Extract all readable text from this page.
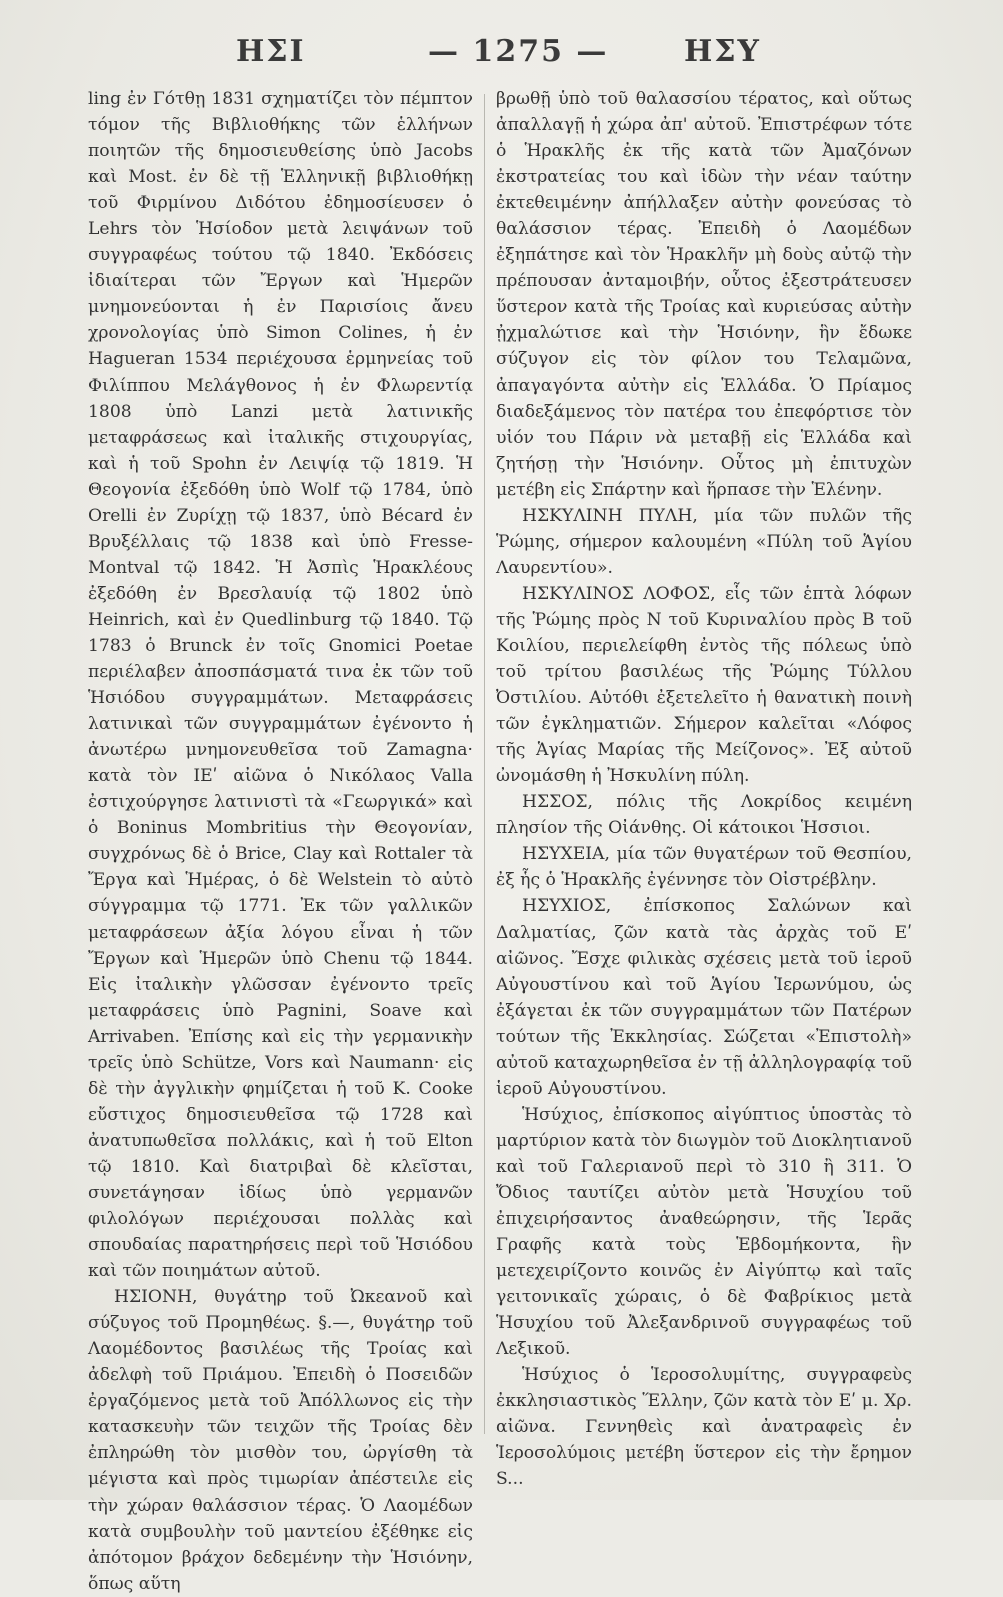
ΗΣΙ	— 1275 —	ΗΣΥ

ling ἐν Γότθῃ 1831 σχηματίζει τὸν πέμπτον τόμον τῆς Βιβλιοθήκης τῶν ἑλλήνων ποιητῶν τῆς δημοσιευθείσης ὑπὸ Jacobs καὶ Most. ἐν δὲ τῇ Ἑλληνικῇ βιβλιοθήκῃ τοῦ Φιρμίνου Διδότου ἐδημοσίευσεν ὁ Lehrs τὸν Ἡσίοδον μετὰ λειψάνων τοῦ συγγραφέως τούτου τῷ 1840. Ἐκδόσεις ἰδιαίτεραι τῶν Ἔργων καὶ Ἡμερῶν μνημονεύονται ἡ ἐν Παρισίοις ἄνευ χρονολογίας ὑπὸ Simon Colines, ἡ ἐν Hagueran 1534 περιέχουσα ἑρμηνείας τοῦ Φιλίππου Μελάγθονος ἡ ἐν Φλωρεντίᾳ 1808 ὑπὸ Lanzi μετὰ λατινικῆς μεταφράσεως καὶ ἰταλικῆς στιχουργίας, καὶ ἡ τοῦ Spohn ἐν Λειψίᾳ τῷ 1819. Ἡ Θεογονία ἐξεδόθη ὑπὸ Wolf τῷ 1784, ὑπὸ Orelli ἐν Ζυρίχῃ τῷ 1837, ὑπὸ Bécard ἐν Βρυξέλλαις τῷ 1838 καὶ ὑπὸ Fresse-Montval τῷ 1842. Ἡ Ἀσπὶς Ἡρακλέους ἐξεδόθη ἐν Βρεσλαυίᾳ τῷ 1802 ὑπὸ Heinrich, καὶ ἐν Quedlinburg τῷ 1840. Τῷ 1783 ὁ Brunck ἐν τοῖς Gnomici Poetae περιέλαβεν ἀποσπάσματά τινα ἐκ τῶν τοῦ Ἡσιόδου συγγραμμάτων. Μεταφράσεις λατινικαὶ τῶν συγγραμμάτων ἐγένοντο ἡ ἀνωτέρω μνημονευθεῖσα τοῦ Zamagna· κατὰ τὸν ΙΕʹ αἰῶνα ὁ Νικόλαος Valla ἐστιχούργησε λατινιστὶ τὰ «Γεωργικά» καὶ ὁ Boninus Mombritius τὴν Θεογονίαν, συγχρόνως δὲ ὁ Brice, Clay καὶ Rottaler τὰ Ἔργα καὶ Ἡμέρας, ὁ δὲ Welstein τὸ αὐτὸ σύγγραμμα τῷ 1771. Ἐκ τῶν γαλλικῶν μεταφράσεων ἀξία λόγου εἶναι ἡ τῶν Ἔργων καὶ Ἡμερῶν ὑπὸ Chenu τῷ 1844. Εἰς ἰταλικὴν γλῶσσαν ἐγένοντο τρεῖς μεταφράσεις ὑπὸ Pagnini, Soave καὶ Arrivaben. Ἐπίσης καὶ εἰς τὴν γερμανικὴν τρεῖς ὑπὸ Schütze, Vors καὶ Naumann· εἰς δὲ τὴν ἀγγλικὴν φημίζεται ἡ τοῦ K. Cooke εὔστιχος δημοσιευθεῖσα τῷ 1728 καὶ ἀνατυπωθεῖσα πολλάκις, καὶ ἡ τοῦ Elton τῷ 1810. Καὶ διατριβαὶ δὲ κλεῖσται, συνετάγησαν ἰδίως ὑπὸ γερμανῶν φιλολόγων περιέχουσαι πολλὰς καὶ σπουδαίας παρατηρήσεις περὶ τοῦ Ἡσιόδου καὶ τῶν ποιημάτων αὐτοῦ.

ΗΣΙΟΝΗ, θυγάτηρ τοῦ Ὠκεανοῦ καὶ σύζυγος τοῦ Προμηθέως. §.—, θυγάτηρ τοῦ Λαομέδοντος βασιλέως τῆς Τροίας καὶ ἀδελφὴ τοῦ Πριάμου. Ἐπειδὴ ὁ Ποσειδῶν ἐργαζόμενος μετὰ τοῦ Ἀπόλλωνος εἰς τὴν κατασκευὴν τῶν τειχῶν τῆς Τροίας δὲν ἐπληρώθη τὸν μισθὸν του, ὠργίσθη τὰ μέγιστα καὶ πρὸς τιμωρίαν ἀπέστειλε εἰς τὴν χώραν θαλάσσιον τέρας. Ὁ Λαομέδων κατὰ συμβουλὴν τοῦ μαντείου ἐξέθηκε εἰς ἀπότομον βράχον δεδεμένην τὴν Ἡσιόνην, ὅπως αὕτη

βρωθῇ ὑπὸ τοῦ θαλασσίου τέρατος, καὶ οὕτως ἀπαλλαγῇ ἡ χώρα ἀπ' αὐτοῦ. Ἐπιστρέφων τότε ὁ Ἡρακλῆς ἐκ τῆς κατὰ τῶν Ἀμαζόνων ἐκστρατείας του καὶ ἰδὼν τὴν νέαν ταύτην ἐκτεθειμένην ἀπήλλαξεν αὐτὴν φονεύσας τὸ θαλάσσιον τέρας. Ἐπειδὴ ὁ Λαομέδων ἐξηπάτησε καὶ τὸν Ἡρακλῆν μὴ δοὺς αὐτῷ τὴν πρέπουσαν ἀνταμοιβήν, οὗτος ἐξεστράτευσεν ὕστερον κατὰ τῆς Τροίας καὶ κυριεύσας αὐτὴν ᾐχμαλώτισε καὶ τὴν Ἡσιόνην, ἣν ἔδωκε σύζυγον εἰς τὸν φίλον του Τελαμῶνα, ἀπαγαγόντα αὐτὴν εἰς Ἑλλάδα. Ὁ Πρίαμος διαδεξάμενος τὸν πατέρα του ἐπεφόρτισε τὸν υἱόν του Πάριν νὰ μεταβῇ εἰς Ἑλλάδα καὶ ζητήσῃ τὴν Ἡσιόνην. Οὗτος μὴ ἐπιτυχὼν μετέβη εἰς Σπάρτην καὶ ἥρπασε τὴν Ἑλένην.

ΗΣΚΥΛΙΝΗ ΠΥΛΗ, μία τῶν πυλῶν τῆς Ῥώμης, σήμερον καλουμένη «Πύλη τοῦ Ἁγίου Λαυρεντίου».

ΗΣΚΥΛΙΝΟΣ ΛΟΦΟΣ, εἷς τῶν ἑπτὰ λόφων τῆς Ῥώμης πρὸς Ν τοῦ Κυριναλίου πρὸς Β τοῦ Κοιλίου, περιελείφθη ἐντὸς τῆς πόλεως ὑπὸ τοῦ τρίτου βασιλέως τῆς Ῥώμης Τύλλου Ὀστιλίου. Αὐτόθι ἐξετελεῖτο ἡ θανατικὴ ποινὴ τῶν ἐγκληματιῶν. Σήμερον καλεῖται «Λόφος τῆς Ἁγίας Μαρίας τῆς Μείζονος». Ἐξ αὐτοῦ ὠνομάσθη ἡ Ἠσκυλίνη πύλη.

ΗΣΣΟΣ, πόλις τῆς Λοκρίδος κειμένη πλησίον τῆς Οἰάνθης. Οἱ κάτοικοι Ἡσσιοι.

ΗΣΥΧΕΙΑ, μία τῶν θυγατέρων τοῦ Θεσπίου, ἐξ ἧς ὁ Ἡρακλῆς ἐγέννησε τὸν Οἰστρέβλην.

ΗΣΥΧΙΟΣ, ἐπίσκοπος Σαλώνων καὶ Δαλματίας, ζῶν κατὰ τὰς ἀρχὰς τοῦ Εʹ αἰῶνος. Ἔσχε φιλικὰς σχέσεις μετὰ τοῦ ἱεροῦ Αὐγουστίνου καὶ τοῦ Ἁγίου Ἱερωνύμου, ὡς ἐξάγεται ἐκ τῶν συγγραμμάτων τῶν Πατέρων τούτων τῆς Ἐκκλησίας. Σώζεται «Ἐπιστολὴ» αὐτοῦ καταχωρηθεῖσα ἐν τῇ ἀλληλογραφίᾳ τοῦ ἱεροῦ Αὐγουστίνου.

Ἡσύχιος, ἐπίσκοπος αἰγύπτιος ὑποστὰς τὸ μαρτύριον κατὰ τὸν διωγμὸν τοῦ Διοκλητιανοῦ καὶ τοῦ Γαλεριανοῦ περὶ τὸ 310 ἢ 311. Ὁ Ὄδιος ταυτίζει αὐτὸν μετὰ Ἡσυχίου τοῦ ἐπιχειρήσαντος ἀναθεώρησιν, τῆς Ἱερᾶς Γραφῆς κατὰ τοὺς Ἑβδομήκοντα, ἣν μετεχειρίζοντο κοινῶς ἐν Αἰγύπτῳ καὶ ταῖς γειτονικαῖς χώραις, ὁ δὲ Φαβρίκιος μετὰ Ἡσυχίου τοῦ Ἀλεξανδρινοῦ συγγραφέως τοῦ Λεξικοῦ.

Ἡσύχιος ὁ Ἱεροσολυμίτης, συγγραφεὺς ἐκκλησιαστικὸς Ἕλλην, ζῶν κατὰ τὸν Εʹ μ. Χρ. αἰῶνα. Γεννηθεὶς καὶ ἀνατραφεὶς ἐν Ἱεροσολύμοις μετέβη ὕστερον εἰς τὴν ἔρημον S...
